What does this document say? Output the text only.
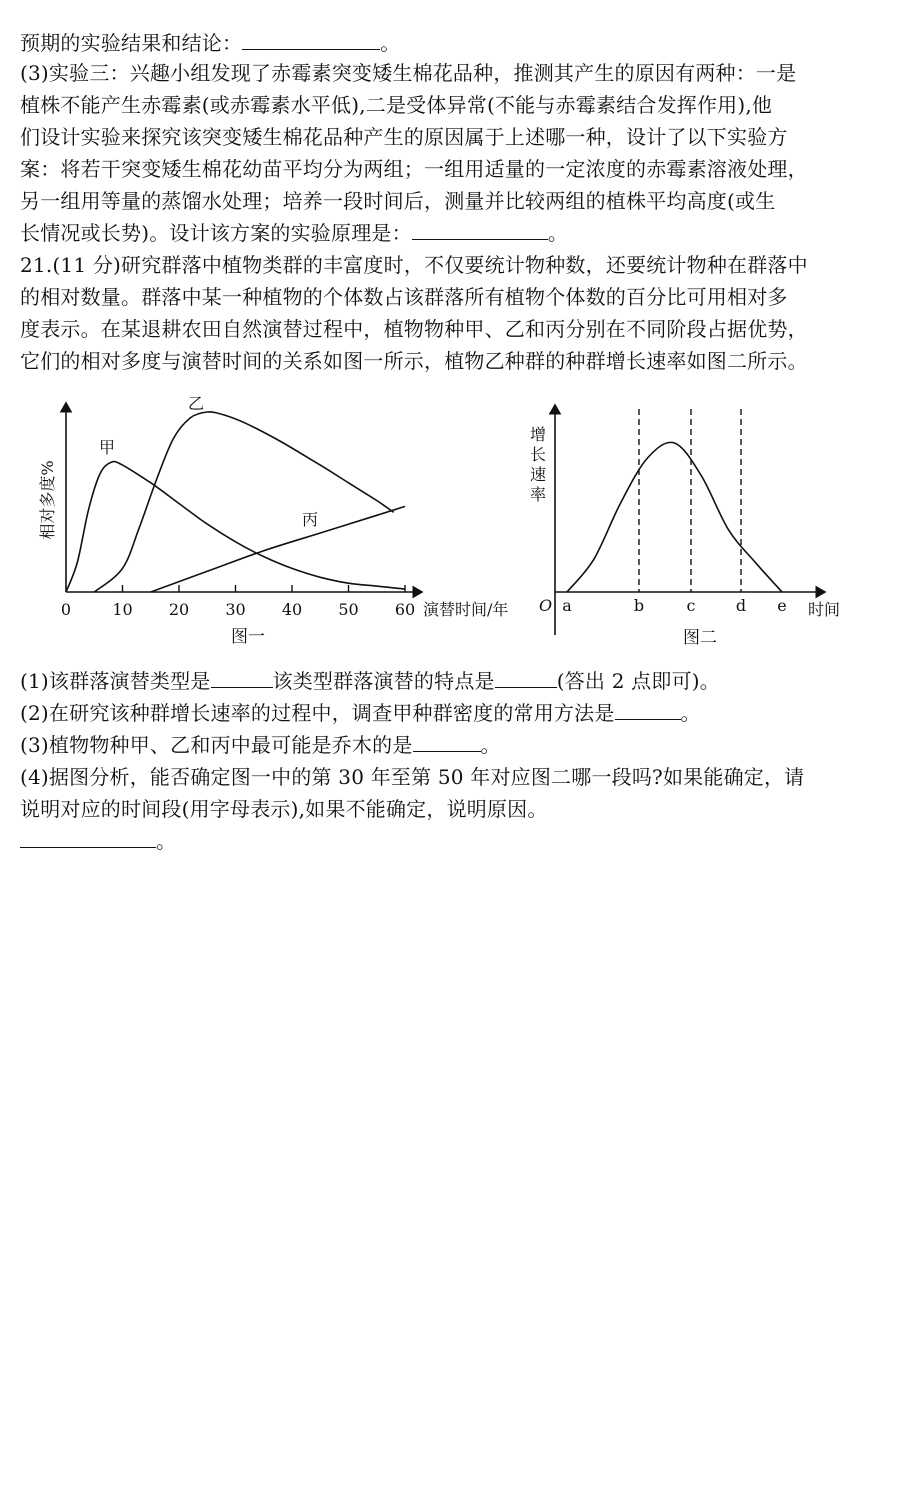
预期的实验结果和结论：	。
(3)实验三：兴趣小组发现了赤霉素突变矮生棉花品种，推测其产生的原因有两种：一是
植株不能产生赤霉素(或赤霉素水平低),二是受体异常(不能与赤霉素结合发挥作用),他
们设计实验来探究该突变矮生棉花品种产生的原因属于上述哪一种，设计了以下实验方
案：将若干突变矮生棉花幼苗平均分为两组；一组用适量的一定浓度的赤霉素溶液处理，
另一组用等量的蒸馏水处理；培养一段时间后，测量并比较两组的植株平均高度(或生
长情况或长势)。设计该方案的实验原理是：	。
21.(11 分)研究群落中植物类群的丰富度时，不仅要统计物种数，还要统计物种在群落中
的相对数量。群落中某一种植物的个体数占该群落所有植物个体数的百分比可用相对多
度表示。在某退耕农田自然演替过程中，植物物种甲、乙和丙分别在不同阶段占据优势，
它们的相对多度与演替时间的关系如图一所示，植物乙种群的种群增长速率如图二所示。
相对多度%
演替时间/年
图一
0	10 20 30 40 50 60
甲
乙
丙
增 长 速 率
O	时间
图二
a	b	c	d e
(1)该群落演替类型是	该类型群落演替的特点是	(答出 2 点即可)。
(2)在研究该种群增长速率的过程中，调查甲种群密度的常用方法是	。
(3)植物物种甲、乙和丙中最可能是乔木的是	。
(4)据图分析，能否确定图一中的第 30 年至第 50 年对应图二哪一段吗?如果能确定，请
说明对应的时间段(用字母表示),如果不能确定，说明原因。
。
